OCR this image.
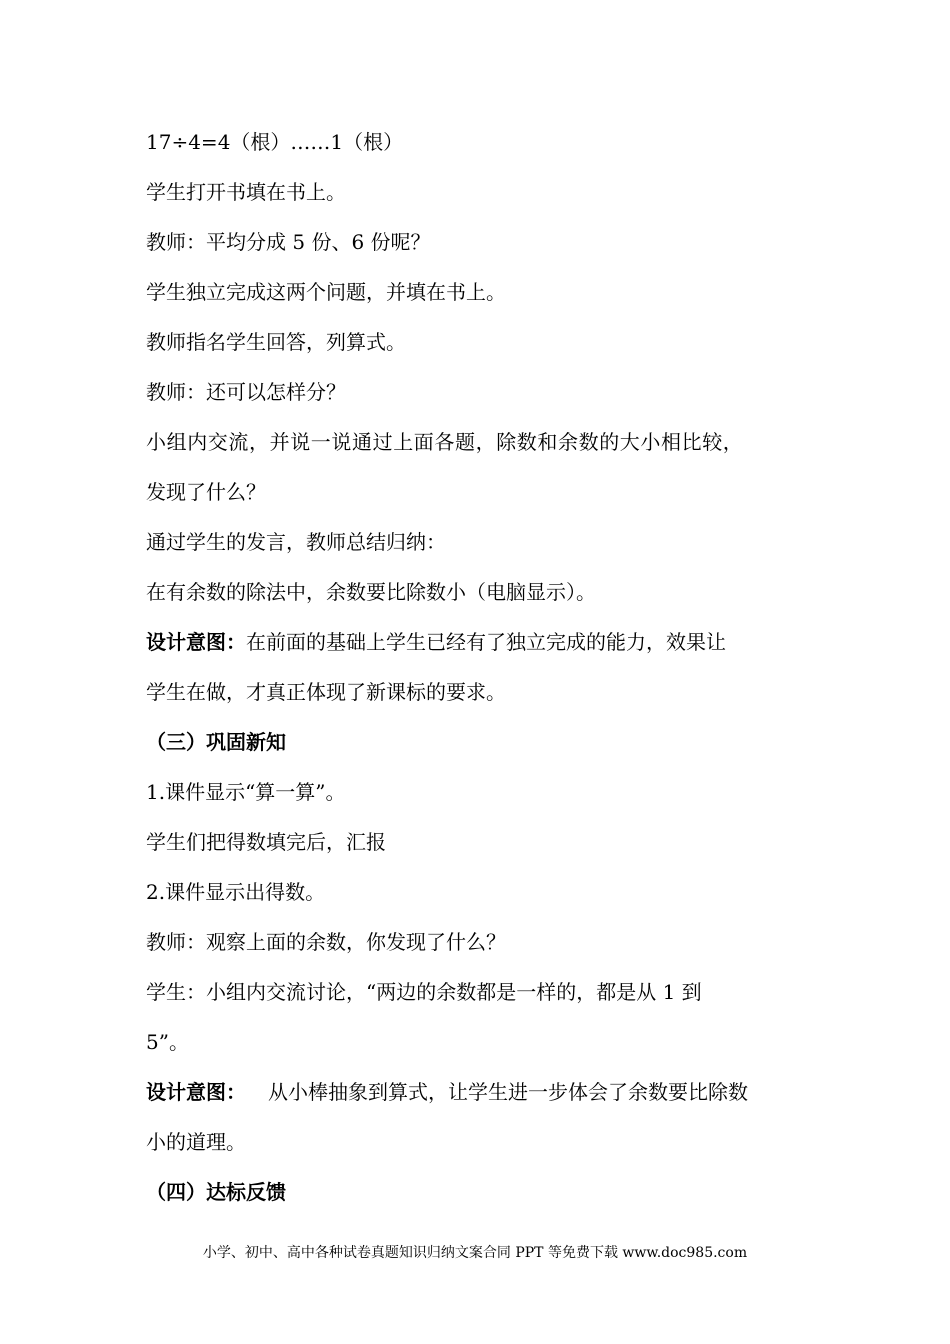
17÷4=4（根）……1（根）
学生打开书填在书上。
教师：平均分成 5 份、6 份呢？
学生独立完成这两个问题，并填在书上。
教师指名学生回答，列算式。
教师：还可以怎样分？
小组内交流，并说一说通过上面各题，除数和余数的大小相比较，
发现了什么？
通过学生的发言，教师总结归纳：
在有余数的除法中，余数要比除数小（电脑显示）。
设计意图：在前面的基础上学生已经有了独立完成的能力，效果让
学生在做，才真正体现了新课标的要求。
（三）巩固新知
1.课件显示“算一算”。
学生们把得数填完后，汇报
2.课件显示出得数。
教师：观察上面的余数，你发现了什么？
学生：小组内交流讨论，“两边的余数都是一样的，都是从 1 到
5”。
设计意图： 从小棒抽象到算式，让学生进一步体会了余数要比除数
小的道理。
（四）达标反馈
小学、初中、高中各种试卷真题知识归纳文案合同 PPT 等免费下载 www.doc985.com
